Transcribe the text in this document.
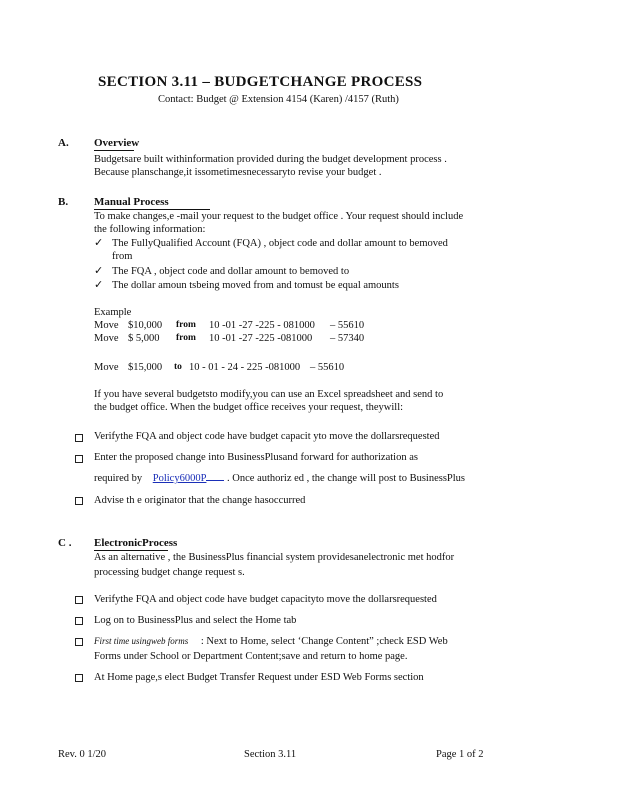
SECTION 3.11 – BUDGETCHANGE PROCESS
Contact: Budget @ Extension 4154 (Karen) /4157 (Ruth)
A. Overview
Budgetsare built withinformation provided during the budget development process .
Because planschange,it issometimesnecessaryto revise your budget .
B. Manual Process
To make changes,e -mail your request to the budget office . Your request should include
the following information:
✓ The FullyQualified Account (FQA) , object code and dollar amount to bemoved
from
✓ The FQA , object code and dollar amount to bemoved to
✓ The dollar amoun tsbeing moved from and tomust be equal amounts
Example
Move $10,000 from 10 -01 -27 -225 - 081000 – 55610
Move $ 5,000 from 10 -01 -27 -225 -081000 – 57340
Move $15,000 to 10 - 01 - 24 - 225 -081000 – 55610
If you have several budgetsto modify,you can use an Excel spreadsheet and send to
the budget office. When the budget office receives your request, theywill:
Verifythe FQA and object code have budget capacit yto move the dollarsrequested
Enter the proposed change into BusinessPlusand forward for authorization as
required by Policy6000P . Once authoriz ed , the change will post to BusinessPlus
Advise th e originator that the change hasoccurred
C . ElectronicProcess
As an alternative , the BusinessPlus financial system providesanelectronic met hodfor
processing budget change request s.
Verifythe FQA and object code have budget capacityto move the dollarsrequested
Log on to BusinessPlus and select the Home tab
First time usingweb forms : Next to Home, select ‘Change Content” ;check ESD Web
Forms under School or Department Content;save and return to home page.
At Home page,s elect Budget Transfer Request under ESD Web Forms section
Rev. 0 1/20	Section 3.11	Page 1 of 2
